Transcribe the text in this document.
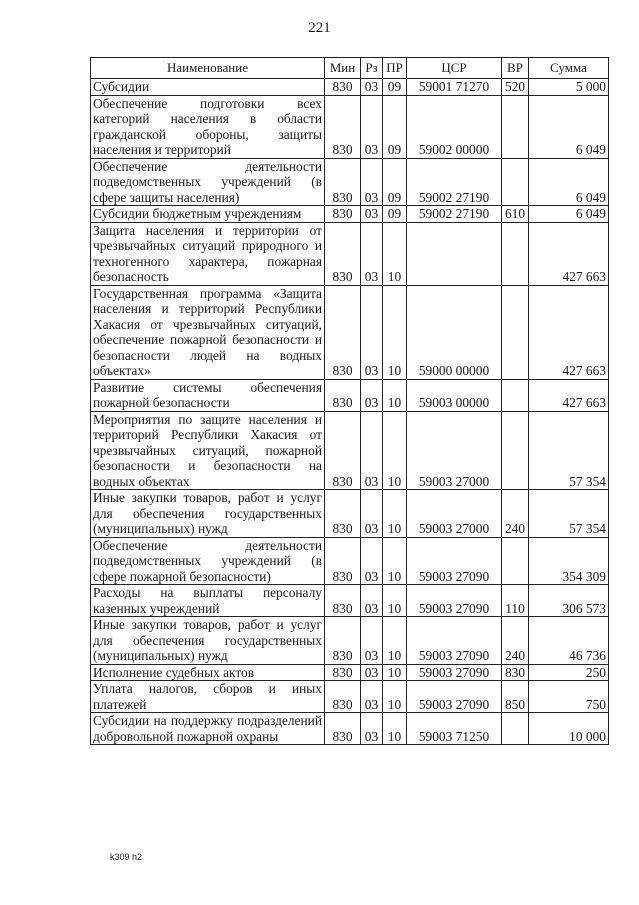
221
Наименование	Мин	Рз	ПР	ЦСР	ВР	Сумма
Субсидии	830	03	09	59001 71270	520	5 000
Обеспечение подготовки всех категорий населения в области гражданской обороны, защиты населения и территорий	830	03	09	59002 00000		6 049
Обеспечение деятельности подведомственных учреждений (в сфере защиты населения)	830	03	09	59002 27190		6 049
Субсидии бюджетным учреждениям	830	03	09	59002 27190	610	6 049
Защита населения и территории от чрезвычайных ситуаций природного и техногенного характера, пожарная безопасность	830	03	10			427 663
Государственная программа «Защита населения и территорий Республики Хакасия от чрезвычайных ситуаций, обеспечение пожарной безопасности и безопасности людей на водных объектах»	830	03	10	59000 00000		427 663
Развитие системы обеспечения пожарной безопасности	830	03	10	59003 00000		427 663
Мероприятия по защите населения и территорий Республики Хакасия от чрезвычайных ситуаций, пожарной безопасности и безопасности на водных объектах	830	03	10	59003 27000		57 354
Иные закупки товаров, работ и услуг для обеспечения государственных (муниципальных) нужд	830	03	10	59003 27000	240	57 354
Обеспечение деятельности подведомственных учреждений (в сфере пожарной безопасности)	830	03	10	59003 27090		354 309
Расходы на выплаты персоналу казенных учреждений	830	03	10	59003 27090	110	306 573
Иные закупки товаров, работ и услуг для обеспечения государственных (муниципальных) нужд	830	03	10	59003 27090	240	46 736
Исполнение судебных актов	830	03	10	59003 27090	830	250
Уплата налогов, сборов и иных платежей	830	03	10	59003 27090	850	750
Субсидии на поддержку подразделений добровольной пожарной охраны	830	03	10	59003 71250		10 000
k309 h2
